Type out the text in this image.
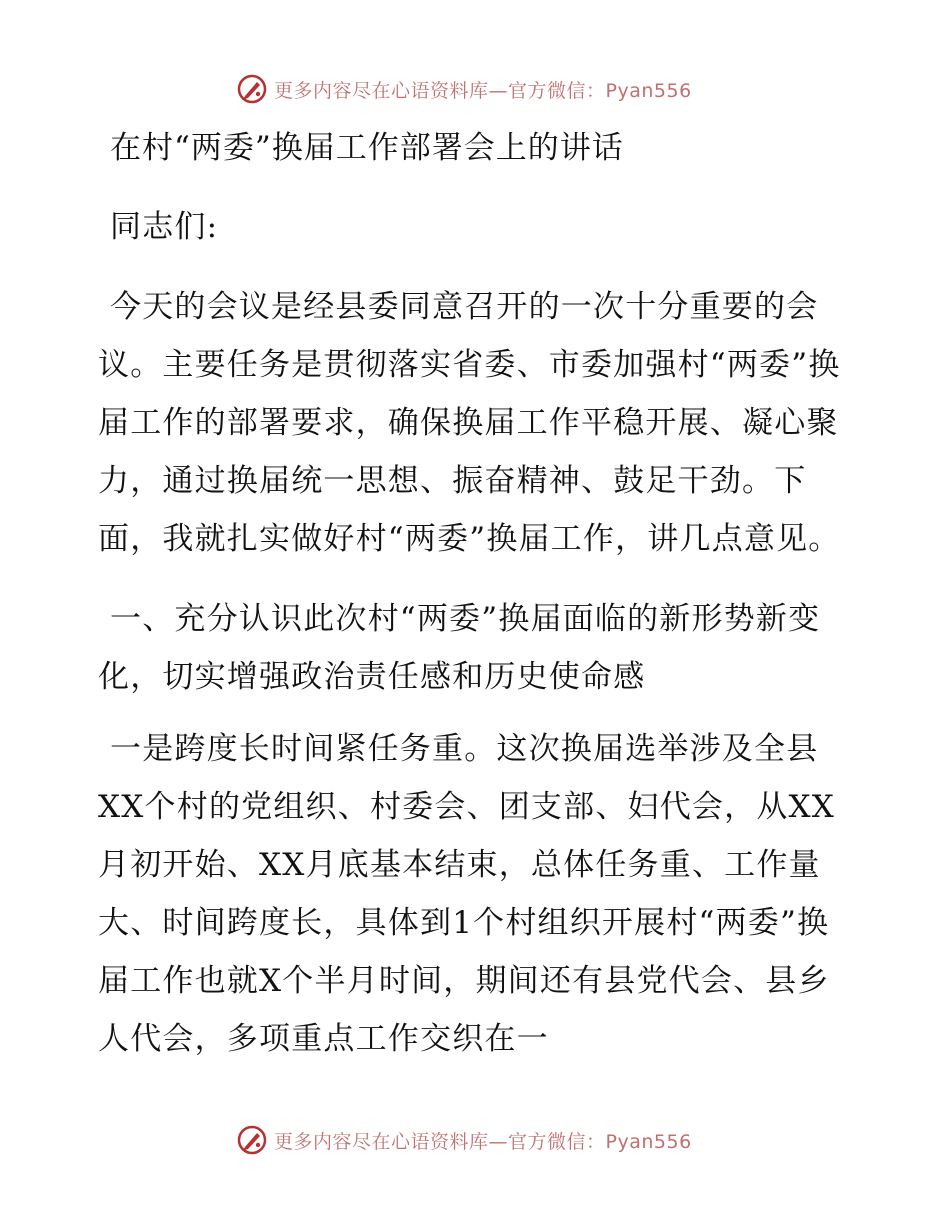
更多内容尽在心语资料库—官方微信：Pyan556
在村“两委”换届工作部署会上的讲话

同志们:

今天的会议是经县委同意召开的一次十分重要的会议。主要任务是贯彻落实省委、市委加强村“两委”换届工作的部署要求，确保换届工作平稳开展、凝心聚力，通过换届统一思想、振奋精神、鼓足干劲。下面，我就扎实做好村“两委”换届工作，讲几点意见。

一、充分认识此次村“两委”换届面临的新形势新变化，切实增强政治责任感和历史使命感

一是跨度长时间紧任务重。这次换届选举涉及全县XX个村的党组织、村委会、团支部、妇代会，从XX月初开始、XX月底基本结束，总体任务重、工作量大、时间跨度长，具体到1个村组织开展村“两委”换届工作也就X个半月时间，期间还有县党代会、县乡人代会，多项重点工作交织在一

更多内容尽在心语资料库—官方微信：Pyan556
